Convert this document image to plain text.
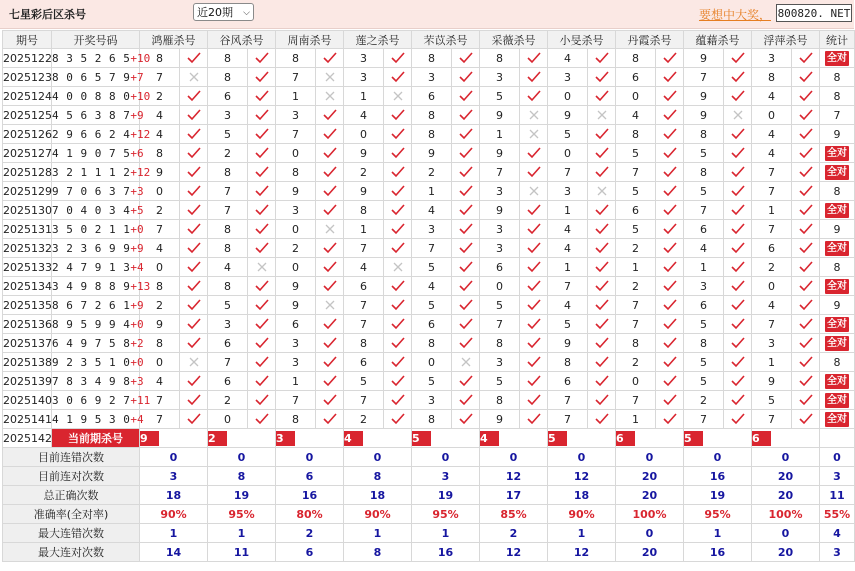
七星彩后区杀号	近20期 ⌵	要想中大奖， 800820. NET
期号	开奖号码	鸿雁杀号		谷风杀号		周南杀号		莲之杀号		芣苡杀号		采薇杀号		小旻杀号		丹霞杀号		蕴藉杀号		浮萍杀号		统计
2025122	8 3 5 2 6 5+10	8		8		8		3		8		8		4		8		9		3		全对
2025123	8 0 6 5 7 9+7	7		8		7		3		3		3		3		6		7		8		8
2025124	4 0 0 8 8 0+10	2		6		1		1		6		5		0		0		9		4		8
2025125	4 5 6 3 8 7+9	4		3		3		4		8		9		9		4		9		0		7
2025126	2 9 6 6 2 4+12	4		5		7		0		8		1		5		8		8		4		9
2025127	4 1 9 0 7 5+6	8		2		0		9		9		9		0		5		5		4		全对
2025128	3 2 1 1 1 2+12	9		8		8		2		2		7		7		7		8		7		全对
2025129	9 7 0 6 3 7+3	0		7		9		9		1		3		3		5		5		7		8
2025130	7 0 4 0 3 4+5	2		7		3		8		4		9		1		6		7		1		全对
2025131	3 5 0 2 1 1+0	7		8		0		1		3		3		4		5		6		7		9
2025132	3 2 3 6 9 9+9	4		8		2		7		7		3		4		2		4		6		全对
2025133	2 4 7 9 1 3+4	0		4		0		4		5		6		1		1		1		2		8
2025134	3 4 9 8 8 9+13	8		8		9		6		4		0		7		2		3		0		全对
2025135	8 6 7 2 6 1+9	2		5		9		7		5		5		4		7		6		4		9
2025136	8 9 5 9 9 4+0	9		3		6		7		6		7		5		7		5		7		全对
2025137	6 4 9 7 5 8+2	8		6		3		8		8		8		9		8		8		3		全对
2025138	9 2 3 5 1 0+0	0		7		3		6		0		3		8		2		5		1		8
2025139	7 8 3 4 9 8+3	4		6		1		5		5		5		6		0		5		9		全对
2025140	3 0 6 9 2 7+11	7		2		7		7		3		8		7		7		2		5		全对
2025141	4 1 9 5 3 0+4	7		0		8		2		8		9		7		1		7		7		全对
2025142	当前期杀号	9		2		3		4		5		4		5		6		5		6		
目前连错次数		0		0		0		0		0		0		0		0		0		0		0
目前连对次数		3		8		6		8		3		12		12		20		16		20		3
总正确次数		18		19		16		18		19		17		18		20		19		20		11
准确率(全对率)		90%		95%		80%		90%		95%		85%		90%		100%		95%		100%		55%
最大连错次数		1		1		2		1		1		2		1		0		1		0		4
最大连对次数		14		11		6		8		16		12		12		20		16		20		3
